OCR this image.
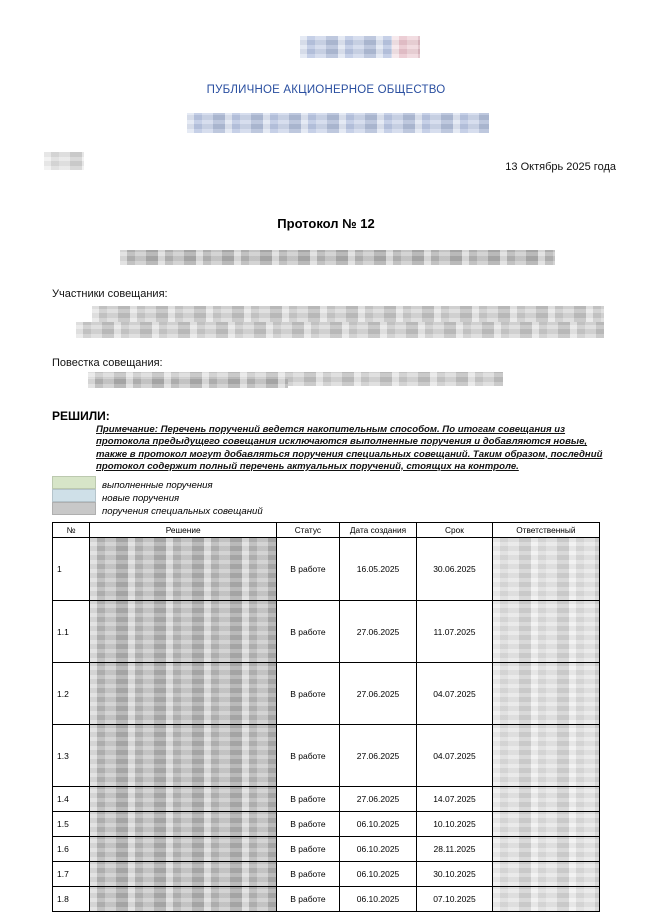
ПУБЛИЧНОЕ АКЦИОНЕРНОЕ ОБЩЕСТВО
13 Октябрь 2025 года
Протокол № 12
Участники совещания:
Повестка совещания:
РЕШИЛИ:
Примечание: Перечень поручений ведется накопительным способом. По итогам совещания из протокола предыдущего совещания исключаются выполненные поручения и добавляются новые, также в протокол могут добавляться поручения специальных совещаний. Таким образом, последний протокол содержит полный перечень актуальных поручений, стоящих на контроле.
выполненные поручения
новые поручения
поручения специальных совещаний
№	Решение	Статус	Дата создания	Срок	Ответственный
1		В работе	16.05.2025	30.06.2025	

1.1		В работе	27.06.2025	11.07.2025	

1.2		В работе	27.06.2025	04.07.2025	

1.3		В работе	27.06.2025	04.07.2025	

1.4		В работе	27.06.2025	14.07.2025	

1.5		В работе	06.10.2025	10.10.2025	

1.6		В работе	06.10.2025	28.11.2025	

1.7		В работе	06.10.2025	30.10.2025	

1.8		В работе	06.10.2025	07.10.2025	
